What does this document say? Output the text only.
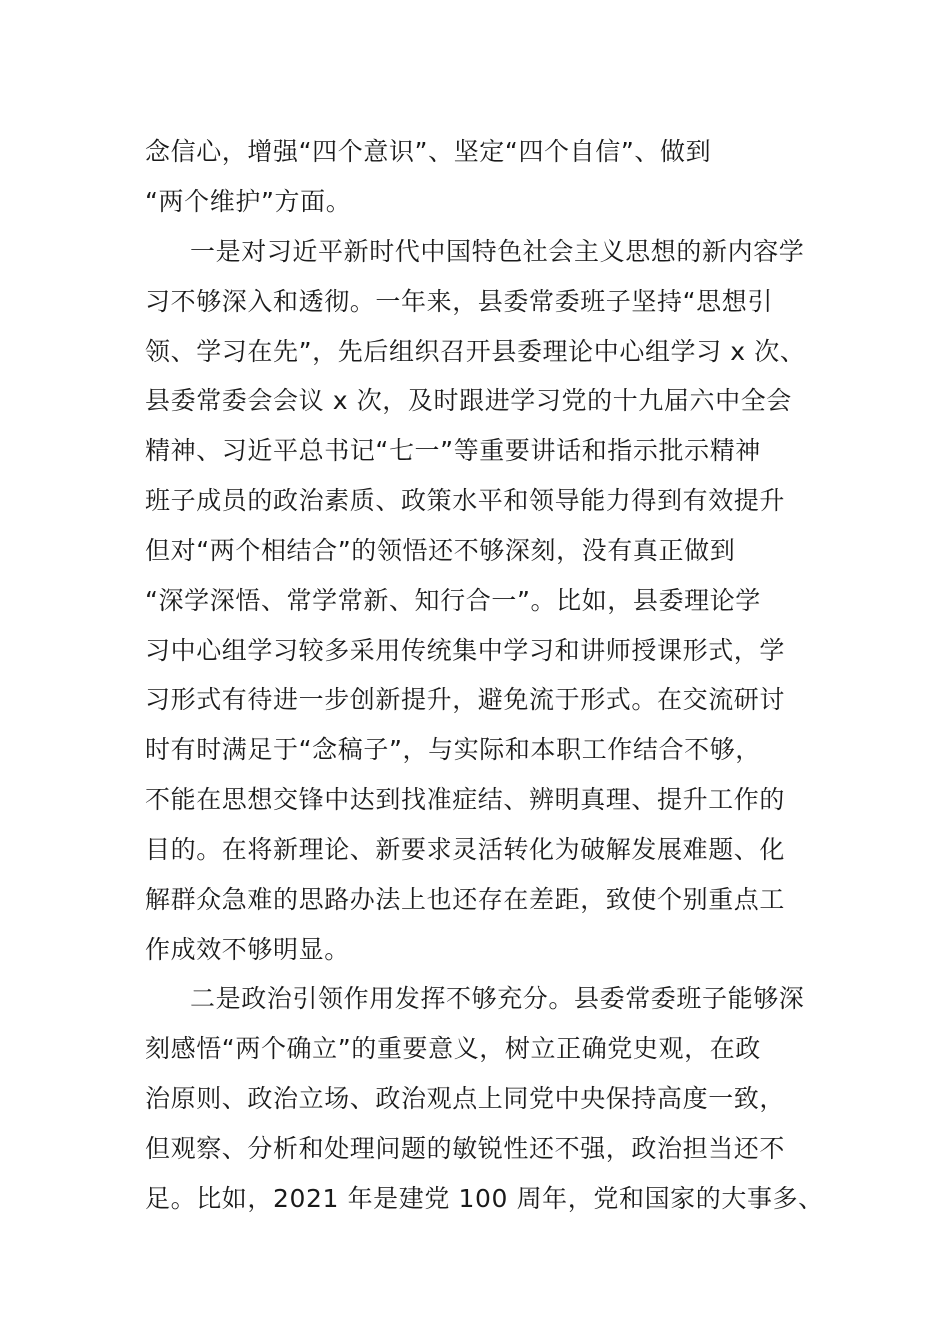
念信心，增强“四个意识”、坚定“四个自信”、做到
“两个维护”方面。
一是对习近平新时代中国特色社会主义思想的新内容学
习不够深入和透彻。一年来，县委常委班子坚持“思想引
领、学习在先”，先后组织召开县委理论中心组学习 x 次、
县委常委会会议 x 次，及时跟进学习党的十九届六中全会
精神、习近平总书记“七一”等重要讲话和指示批示精神
班子成员的政治素质、政策水平和领导能力得到有效提升
但对“两个相结合”的领悟还不够深刻，没有真正做到
“深学深悟、常学常新、知行合一”。比如，县委理论学
习中心组学习较多采用传统集中学习和讲师授课形式，学
习形式有待进一步创新提升，避免流于形式。在交流研讨
时有时满足于“念稿子”，与实际和本职工作结合不够，
不能在思想交锋中达到找准症结、辨明真理、提升工作的
目的。在将新理论、新要求灵活转化为破解发展难题、化
解群众急难的思路办法上也还存在差距，致使个别重点工
作成效不够明显。
二是政治引领作用发挥不够充分。县委常委班子能够深
刻感悟“两个确立”的重要意义，树立正确党史观，在政
治原则、政治立场、政治观点上同党中央保持高度一致，
但观察、分析和处理问题的敏锐性还不强，政治担当还不
足。比如，2021 年是建党 100 周年，党和国家的大事多、
